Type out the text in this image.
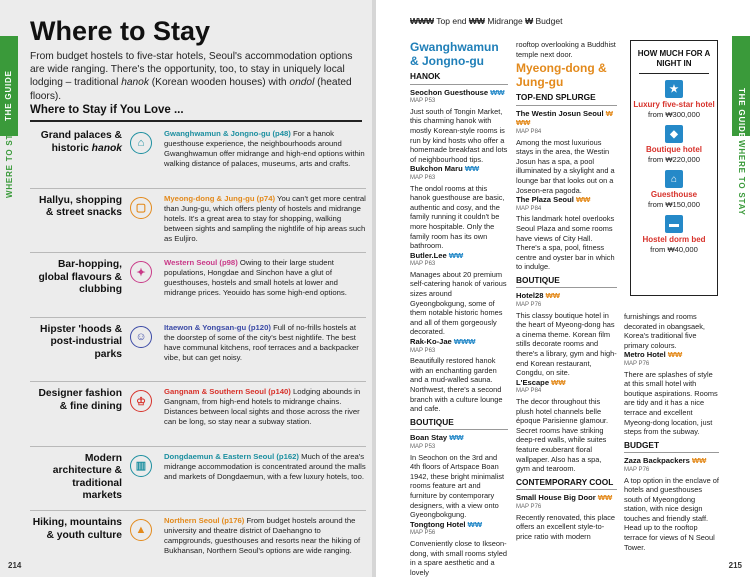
THE GUIDE
WHERE TO STAY
Where to Stay

From budget hostels to five-star hotels, Seoul's accommodation options are wide ranging. There's the opportunity, too, to stay in uniquely local lodging – traditional hanok (Korean wooden houses) with ondol (heated floors).

Where to Stay if You Love ...
Grand palaces & historic hanok	⌂
Gwanghwamun & Jongno-gu (p48) For a hanok guesthouse experience, the neighbourhoods around Gwanghwamun offer midrange and high-end options within walking distance of palaces, museums, arts and crafts.
Hallyu, shopping & street snacks	▢
Myeong-dong & Jung-gu (p74) You can't get more central than Jung-gu, which offers plenty of hostels and midrange hotels. It's a great area to stay for shopping, walking between sights and sampling the nightlife of hip areas such as Euljiro.
Bar-hopping, global flavours & clubbing
✦
Western Seoul (p98) Owing to their large student populations, Hongdae and Sinchon have a glut of guesthouses, hostels and small hotels at lower and midrange prices. Yeouido has some high-end options.
Hipster 'hoods & post-industrial parks
☺
Itaewon & Yongsan-gu (p120) Full of no-frills hostels at the doorstep of some of the city's best nightlife. The best have communal kitchens, roof terraces and a backpacker vibe, but can get noisy.
Designer fashion & fine dining	♔
Gangnam & Southern Seoul (p140) Lodging abounds in Gangnam, from high-end hotels to midrange chains. Distances between local sights and those across the river can be long, so stay near a subway station.
Modern architecture & traditional markets
▥
Dongdaemun & Eastern Seoul (p162) Much of the area's midrange accommodation is concentrated around the malls and markets of Dongdaemun, with a few luxury hotels, too.
Hiking, mountains & youth culture	▲
Northern Seoul (p176) From budget hostels around the university and theatre district of Daehangno to campgrounds, guesthouses and resorts near the hiking of Bukhansan, Northern Seoul's options are wide ranging.
214
THE GUIDE
WHERE TO STAY
215
₩₩₩ Top end ₩₩ Midrange ₩ Budget
Gwanghwamun & Jongno-gu
HANOK
Seochon Guesthouse ₩₩
MAP P53
Just south of Tongin Market, this charming hanok with mostly Korean-style rooms is run by kind hosts who offer a homemade breakfast and lots of neighbourhood tips.
Bukchon Maru ₩₩
MAP P63
The ondol rooms at this hanok guesthouse are basic, authentic and cosy, and the family running it couldn't be more hospitable. Only the family room has its own bathroom.
Butler.Lee ₩₩
MAP P63
Manages about 20 premium self-catering hanok of various sizes around Gyeongbokgung, some of them notable historic homes and all of them gorgeously decorated.
Rak-Ko-Jae ₩₩₩
MAP P63
Beautifully restored hanok with an enchanting garden and a mud-walled sauna. Northwest, there's a second branch with a culture lounge and cafe.
BOUTIQUE
Boan Stay ₩₩
MAP P53
In Seochon on the 3rd and 4th floors of Artspace Boan 1942, these bright minimalist rooms feature art and furniture by contemporary designers, with a view onto Gyeongbokgung.
Tongtong Hotel ₩₩
MAP P56
Conveniently close to Ikseon-dong, with small rooms styled in a spare aesthetic and a lovely
rooftop overlooking a Buddhist temple next door.
Myeong-dong & Jung-gu
TOP-END SPLURGE
The Westin Josun Seoul ₩₩₩
MAP P84
Among the most luxurious stays in the area, the Westin Josun has a spa, a pool illuminated by a skylight and a lounge bar that looks out on a Joseon-era pagoda.
The Plaza Seoul ₩₩
MAP P84
This landmark hotel overlooks Seoul Plaza and some rooms have views of City Hall. There's a spa, pool, fitness centre and oyster bar in which to indulge.
BOUTIQUE
Hotel28 ₩₩
MAP P76
This classy boutique hotel in the heart of Myeong-dong has a cinema theme. Korean film stills decorate rooms and there's a library, gym and high-end Korean restaurant, Congdu, on site.
L'Escape ₩₩
MAP P84
The decor throughout this plush hotel channels belle époque Parisienne glamour. Secret rooms have striking deep-red walls, while suites feature exuberant floral wallpaper. Also has a spa, gym and tearoom.
CONTEMPORARY COOL
Small House Big Door ₩₩
MAP P76
Recently renovated, this place offers an excellent style-to-price ratio with modern
HOW MUCH FOR A NIGHT IN
★
Luxury five-star hotel
from ₩300,000
◆
Boutique hotel
from ₩220,000
⌂
Guesthouse
from ₩150,000
▬
Hostel dorm bed
from ₩40,000
furnishings and rooms decorated in obangsaek, Korea's traditional five primary colours.
Metro Hotel ₩₩
MAP P76
There are splashes of style at this small hotel with boutique aspirations. Rooms are tidy and it has a nice terrace and excellent Myeong-dong location, just steps from the subway.
BUDGET
Zaza Backpackers ₩₩
MAP P76
A top option in the enclave of hotels and guesthouses south of Myeongdong station, with nice design touches and friendly staff. Head up to the rooftop terrace for views of N Seoul Tower.
